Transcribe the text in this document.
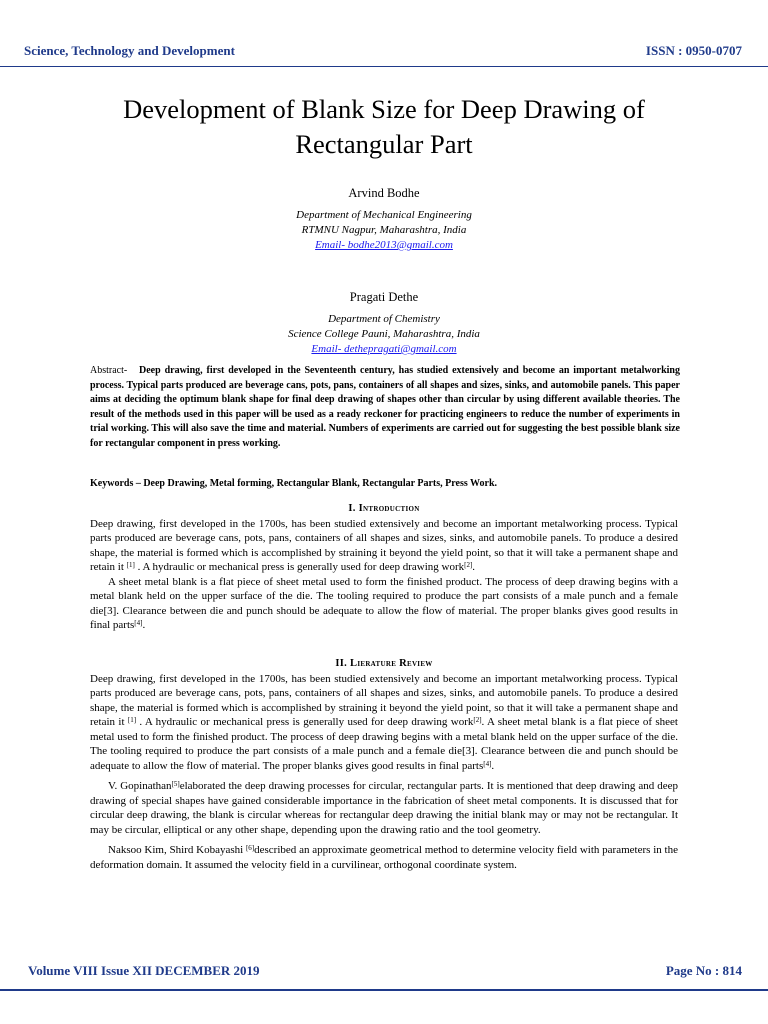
Science, Technology and Development	ISSN : 0950-0707
Development of Blank Size for Deep Drawing of Rectangular Part
Arvind Bodhe
Department of Mechanical Engineering
RTMNU Nagpur, Maharashtra, India
Email- bodhe2013@gmail.com
Pragati Dethe
Department of Chemistry
Science College Pauni, Maharashtra, India
Email- dethepragati@gmail.com

Abstract- Deep drawing, first developed in the Seventeenth century, has studied extensively and become an important metalworking process. Typical parts produced are beverage cans, pots, pans, containers of all shapes and sizes, sinks, and automobile panels. This paper aims at deciding the optimum blank shape for final deep drawing of shapes other than circular by using different available theories. The result of the methods used in this paper will be used as a ready reckoner for practicing engineers to reduce the number of experiments in trial working. This will also save the time and material. Numbers of experiments are carried out for suggesting the best possible blank size for rectangular component in press working.

Keywords – Deep Drawing, Metal forming, Rectangular Blank, Rectangular Parts, Press Work.

I. Introduction

Deep drawing, first developed in the 1700s, has been studied extensively and become an important metalworking process. Typical parts produced are beverage cans, pots, pans, containers of all shapes and sizes, sinks, and automobile panels. To produce a desired shape, the material is formed which is accomplished by straining it beyond the yield point, so that it will take a permanent shape and retain it [1] . A hydraulic or mechanical press is generally used for deep drawing work[2].

A sheet metal blank is a flat piece of sheet metal used to form the finished product. The process of deep drawing begins with a metal blank held on the upper surface of the die. The tooling required to produce the part consists of a male punch and a female die[3]. Clearance between die and punch should be adequate to allow the flow of material. The proper blanks gives good results in final parts[4].

II. Lierature Review

Deep drawing, first developed in the 1700s, has been studied extensively and become an important metalworking process. Typical parts produced are beverage cans, pots, pans, containers of all shapes and sizes, sinks, and automobile panels. To produce a desired shape, the material is formed which is accomplished by straining it beyond the yield point, so that it will take a permanent shape and retain it [1] . A hydraulic or mechanical press is generally used for deep drawing work[2]. A sheet metal blank is a flat piece of sheet metal used to form the finished product. The process of deep drawing begins with a metal blank held on the upper surface of the die. The tooling required to produce the part consists of a male punch and a female die[3]. Clearance between die and punch should be adequate to allow the flow of material. The proper blanks gives good results in final parts[4].

V. Gopinathan[5]elaborated the deep drawing processes for circular, rectangular parts. It is mentioned that deep drawing and deep drawing of special shapes have gained considerable importance in the fabrication of sheet metal components. It is discussed that for circular deep drawing, the blank is circular whereas for rectangular deep drawing the initial blank may or may not be rectangular. It may be circular, elliptical or any other shape, depending upon the drawing ratio and the tool geometry.

Naksoo Kim, Shird Kobayashi [6]described an approximate geometrical method to determine velocity field with parameters in the deformation domain. It assumed the velocity field in a curvilinear, orthogonal coordinate system.

Volume VIII Issue XII DECEMBER 2019	Page No : 814
